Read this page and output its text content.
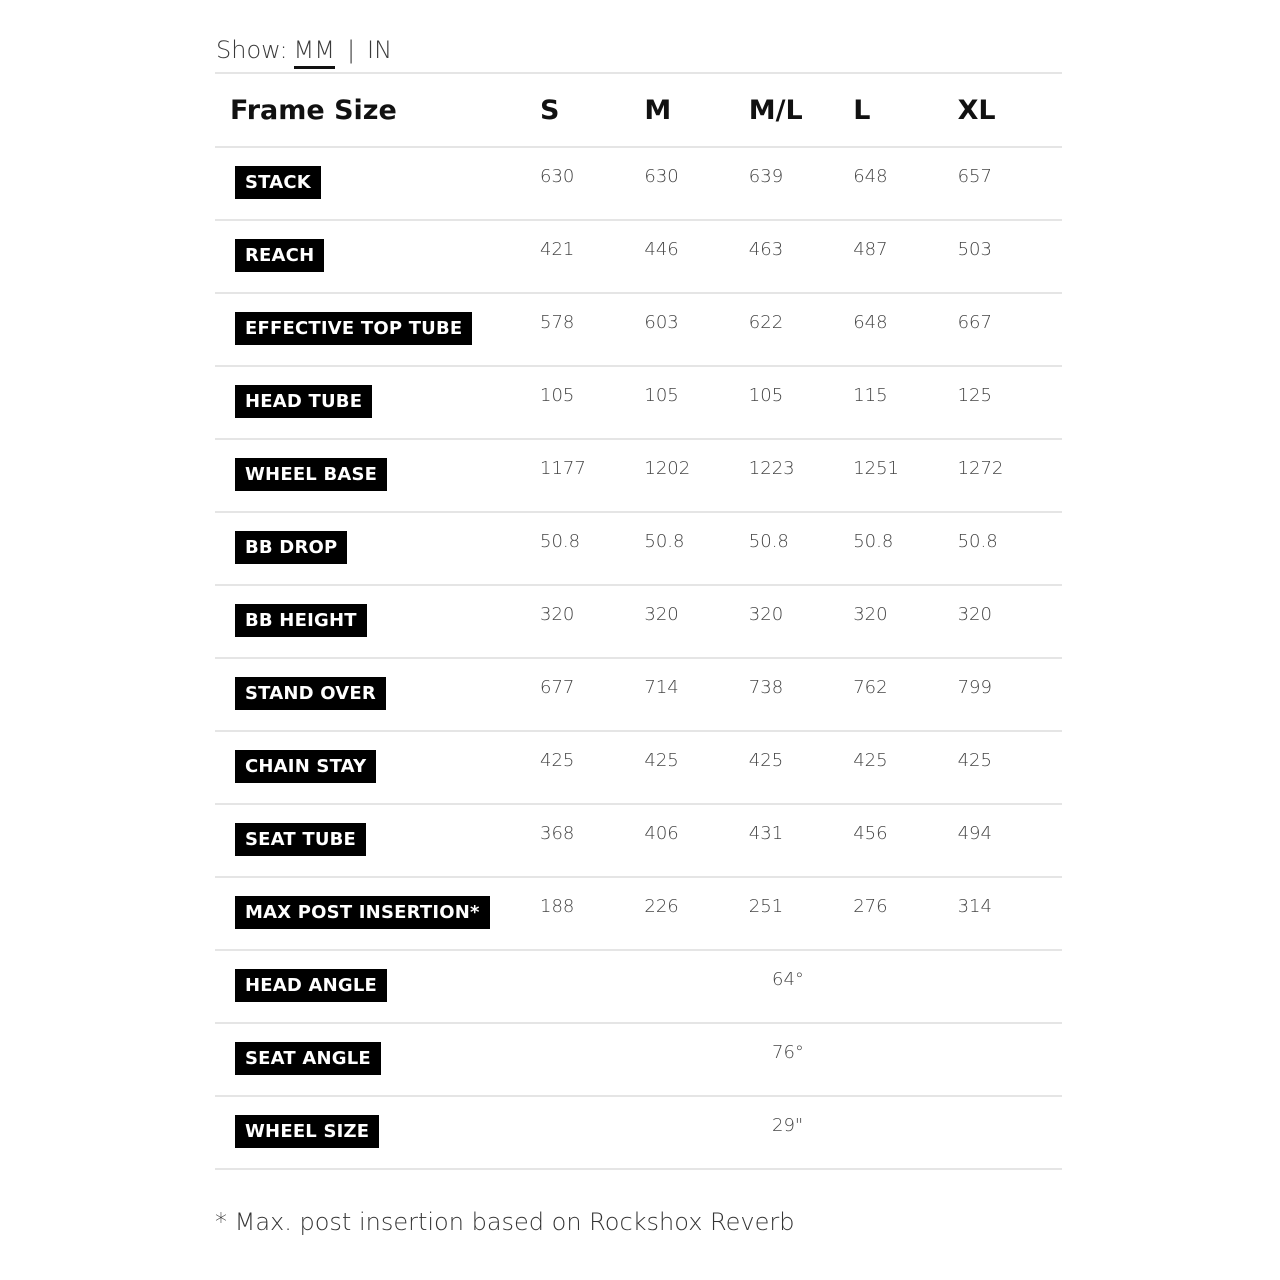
Show: MM | IN
Frame Size	S	M	M/L	L	XL
STACK	630	630	639	648	657

REACH	421	446	463	487	503

EFFECTIVE TOP TUBE	578	603	622	648	667

HEAD TUBE	105	105	105	115	125

WHEEL BASE	1177	1202	1223	1251	1272

BB DROP	50.8	50.8	50.8	50.8	50.8

BB HEIGHT	320	320	320	320	320

STAND OVER	677	714	738	762	799

CHAIN STAY	425	425	425	425	425

SEAT TUBE	368	406	431	456	494

MAX POST INSERTION*	188	226	251	276	314

HEAD ANGLE	64°				

SEAT ANGLE	76°				

WHEEL SIZE	29"				
* Max. post insertion based on Rockshox Reverb
